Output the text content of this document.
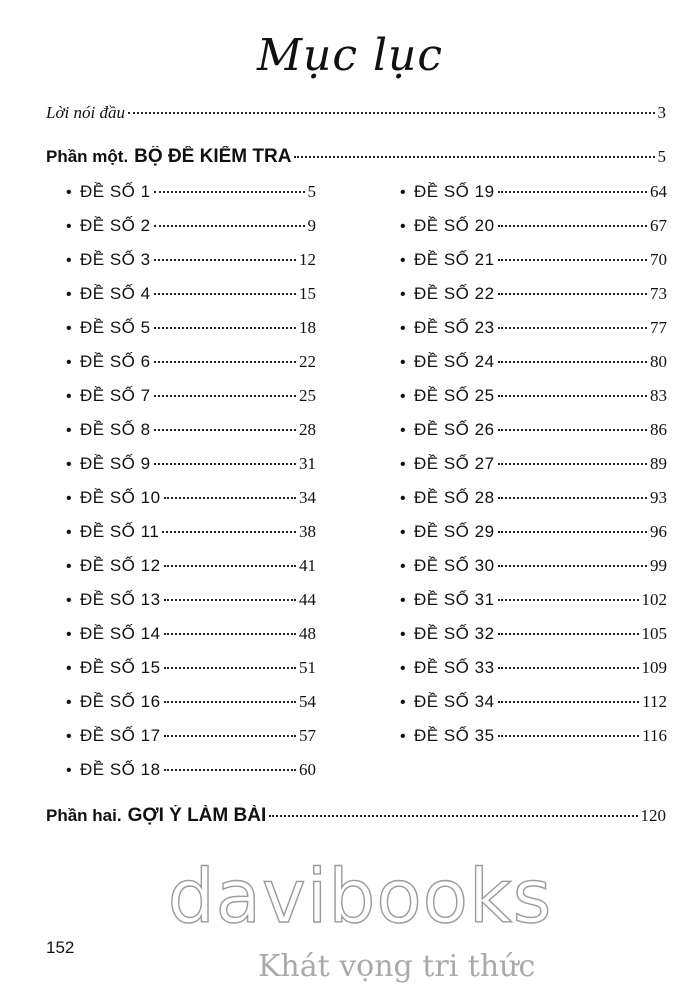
Mục lục
Lời nói đầu	3
Phần một. BỘ ĐỀ KIỂM TRA	5
• ĐỀ SỐ 1	5
• ĐỀ SỐ 2	9
• ĐỀ SỐ 3	12
• ĐỀ SỐ 4	15
• ĐỀ SỐ 5	18
• ĐỀ SỐ 6	22
• ĐỀ SỐ 7	25
• ĐỀ SỐ 8	28
• ĐỀ SỐ 9	31
• ĐỀ SỐ 10	34
• ĐỀ SỐ 11	38
• ĐỀ SỐ 12	41
• ĐỀ SỐ 13	44
• ĐỀ SỐ 14	48
• ĐỀ SỐ 15	51
• ĐỀ SỐ 16	54
• ĐỀ SỐ 17	57
• ĐỀ SỐ 18	60
• ĐỀ SỐ 19	64
• ĐỀ SỐ 20	67
• ĐỀ SỐ 21	70
• ĐỀ SỐ 22	73
• ĐỀ SỐ 23	77
• ĐỀ SỐ 24	80
• ĐỀ SỐ 25	83
• ĐỀ SỐ 26	86
• ĐỀ SỐ 27	89
• ĐỀ SỐ 28	93
• ĐỀ SỐ 29	96
• ĐỀ SỐ 30	99
• ĐỀ SỐ 31	102
• ĐỀ SỐ 32	105
• ĐỀ SỐ 33	109
• ĐỀ SỐ 34	112
• ĐỀ SỐ 35	116
Phần hai. GỢI Ý LÀM BÀI	120
152
davibooks
Khát vọng tri thức
